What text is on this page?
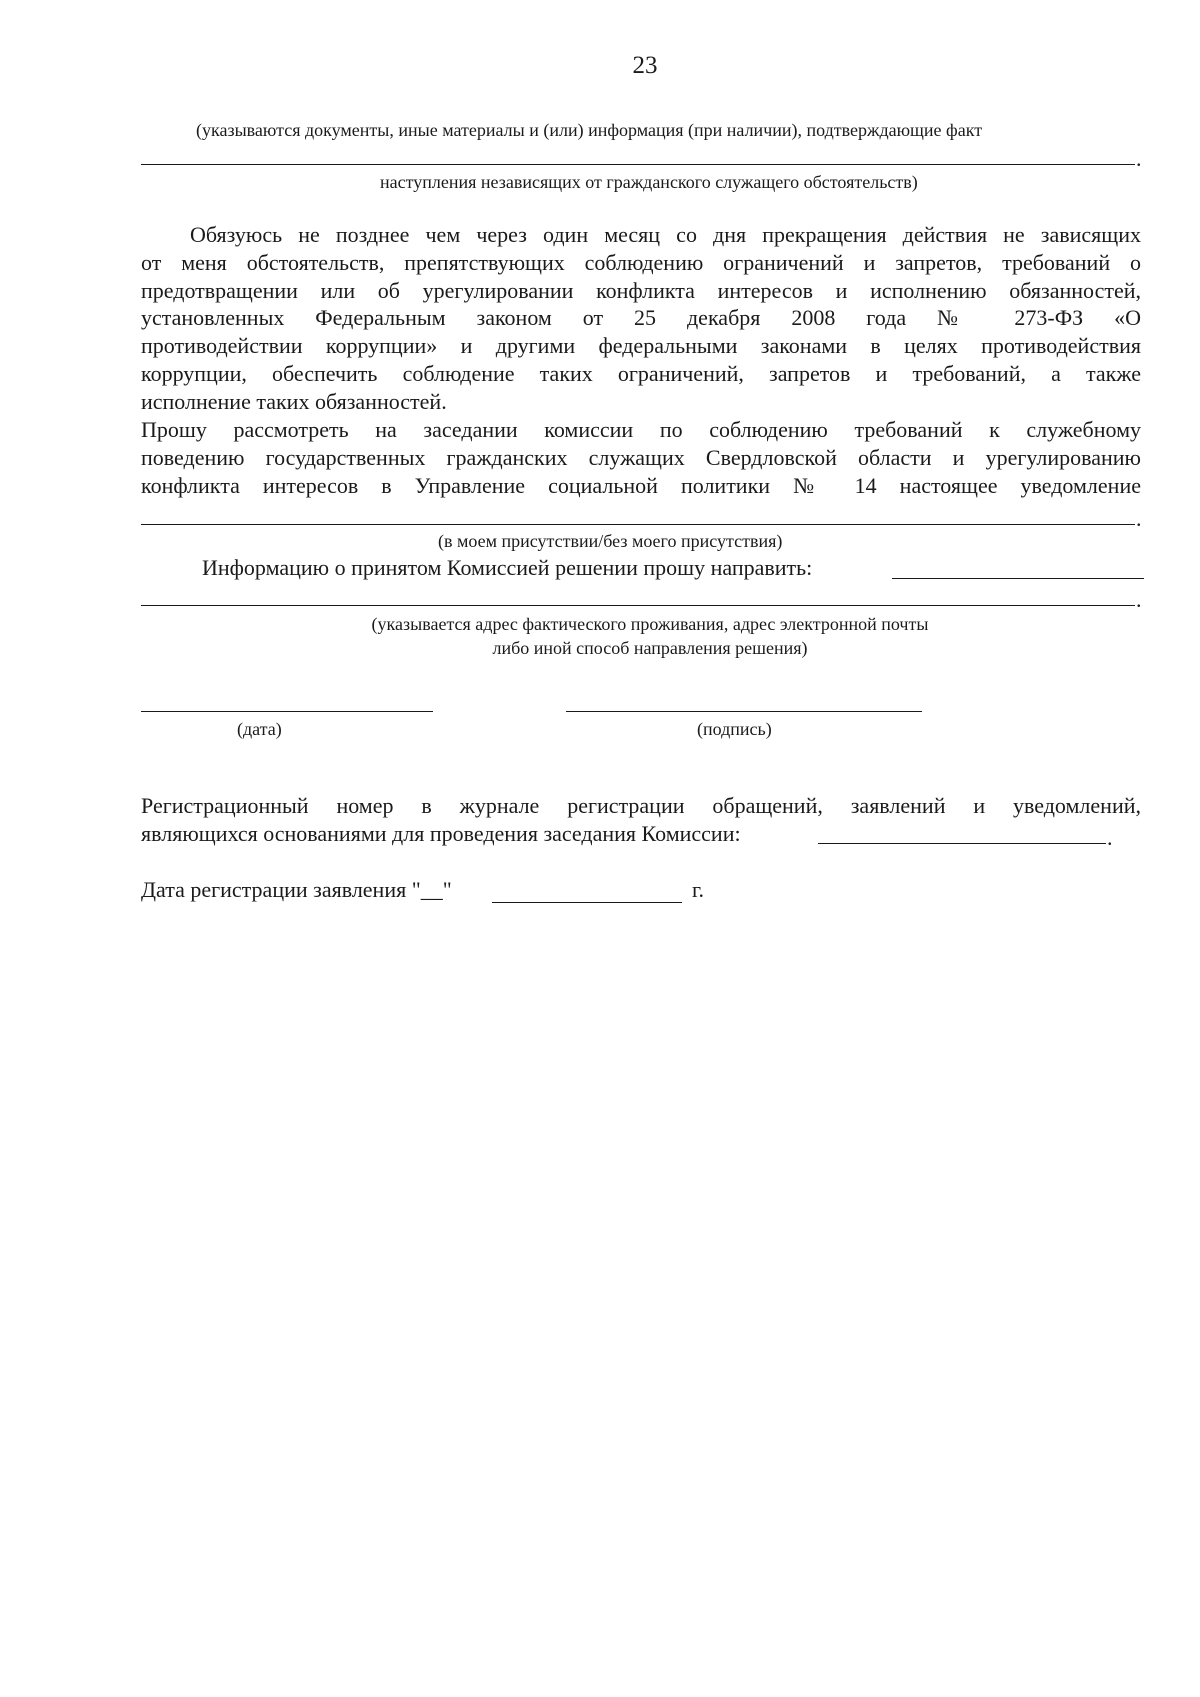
23
(указываются документы, иные материалы и (или) информация (при наличии), подтверждающие факт
.
наступления независящих от гражданского служащего обстоятельств)
Обязуюсь не позднее чем через один месяц со дня прекращения действия не зависящих
от меня обстоятельств, препятствующих соблюдению ограничений и запретов, требований о
предотвращении или об урегулировании конфликта интересов и исполнению обязанностей,
установленных Федеральным законом от 25 декабря 2008 года № 273-ФЗ «О
противодействии коррупции» и другими федеральными законами в целях противодействия
коррупции, обеспечить соблюдение таких ограничений, запретов и требований, а также
исполнение таких обязанностей.
Прошу рассмотреть на заседании комиссии по соблюдению требований к служебному
поведению государственных гражданских служащих Свердловской области и урегулированию
конфликта интересов в Управление социальной политики № 14 настоящее уведомление
.
(в моем присутствии/без моего присутствия)
Информацию о принятом Комиссией решении прошу направить:
.
(указывается адрес фактического проживания, адрес электронной почты
либо иной способ направления решения)
(дата)	(подпись)
Регистрационный номер в журнале регистрации обращений, заявлений и уведомлений,
являющихся основаниями для проведения заседания Комиссии:	.
Дата регистрации заявления "__"	г.
